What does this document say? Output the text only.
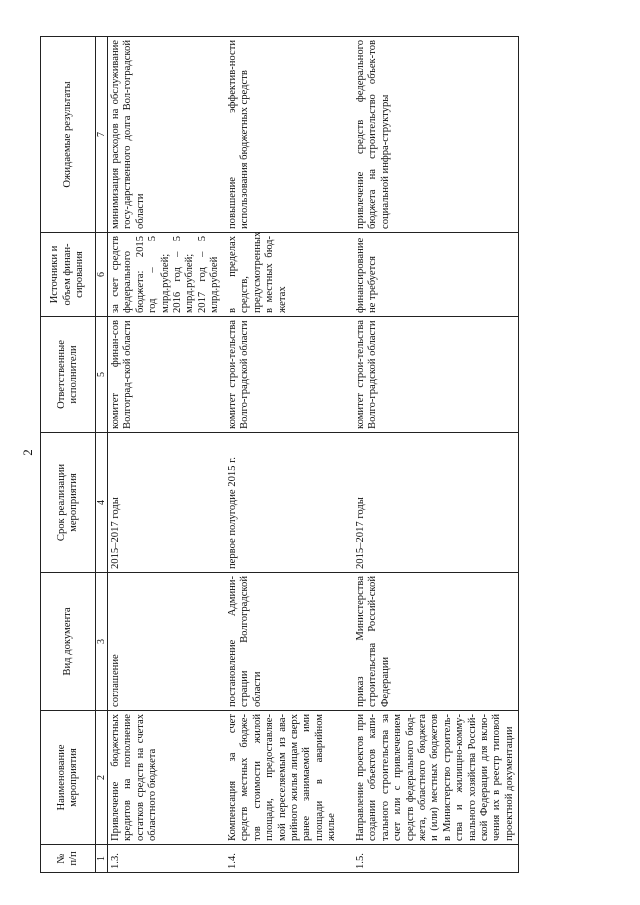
2
№ п/п	Наименование мероприятия	Вид документа	Срок реализации мероприятия	Ответственные исполнители	Источники и объем финан-сирования	Ожидаемые результаты
1	2	3	4	5	6	7
1.3.	Привлечение бюджетных кредитов на пополнение остатков средств на счетах областного бюджета	соглашение	2015–2017 годы	комитет финан-сов Волгоград-ской области	за счет средств федерального бюджета: 2015 год – 5 млрд.рублей; 2016 год – 5 млрд.рублей; 2017 год – 5 млрд.рублей	минимизация расходов на обслуживание госу-дарственного долга Вол-гоградской области
1.4.	Компенсация за счет средств местных бюдже-тов стоимости жилой площади, предоставляе-мой переселяемым из ава-рийного жилья лицам сверх ранее занимаемой ими площади в аварийном жилье	постановление Админи-страции Волгоградской области	первое полугодие 2015 г.	комитет строи-тельства Волго-градской области	в пределах средств, предусмотренных в местных бюд-жетах	повышение эффектив-ности использования бюджетных средств
1.5.	Направление проектов при создании объектов капи-тального строительства за счет или с привлечением средств федерального бюд-жета, областного бюджета и (или) местных бюджетов в Министерство строитель-ства и жилищно-комму-нального хозяйства Россий-ской Федерации для вклю-чения их в реестр типовой проектной документации	приказ Министерства строительства Россий-ской Федерации	2015–2017 годы	комитет строи-тельства Волго-градской области	финансирование не требуется	привлечение средств федерального бюджета на строительство объек-тов социальной инфра-структуры
